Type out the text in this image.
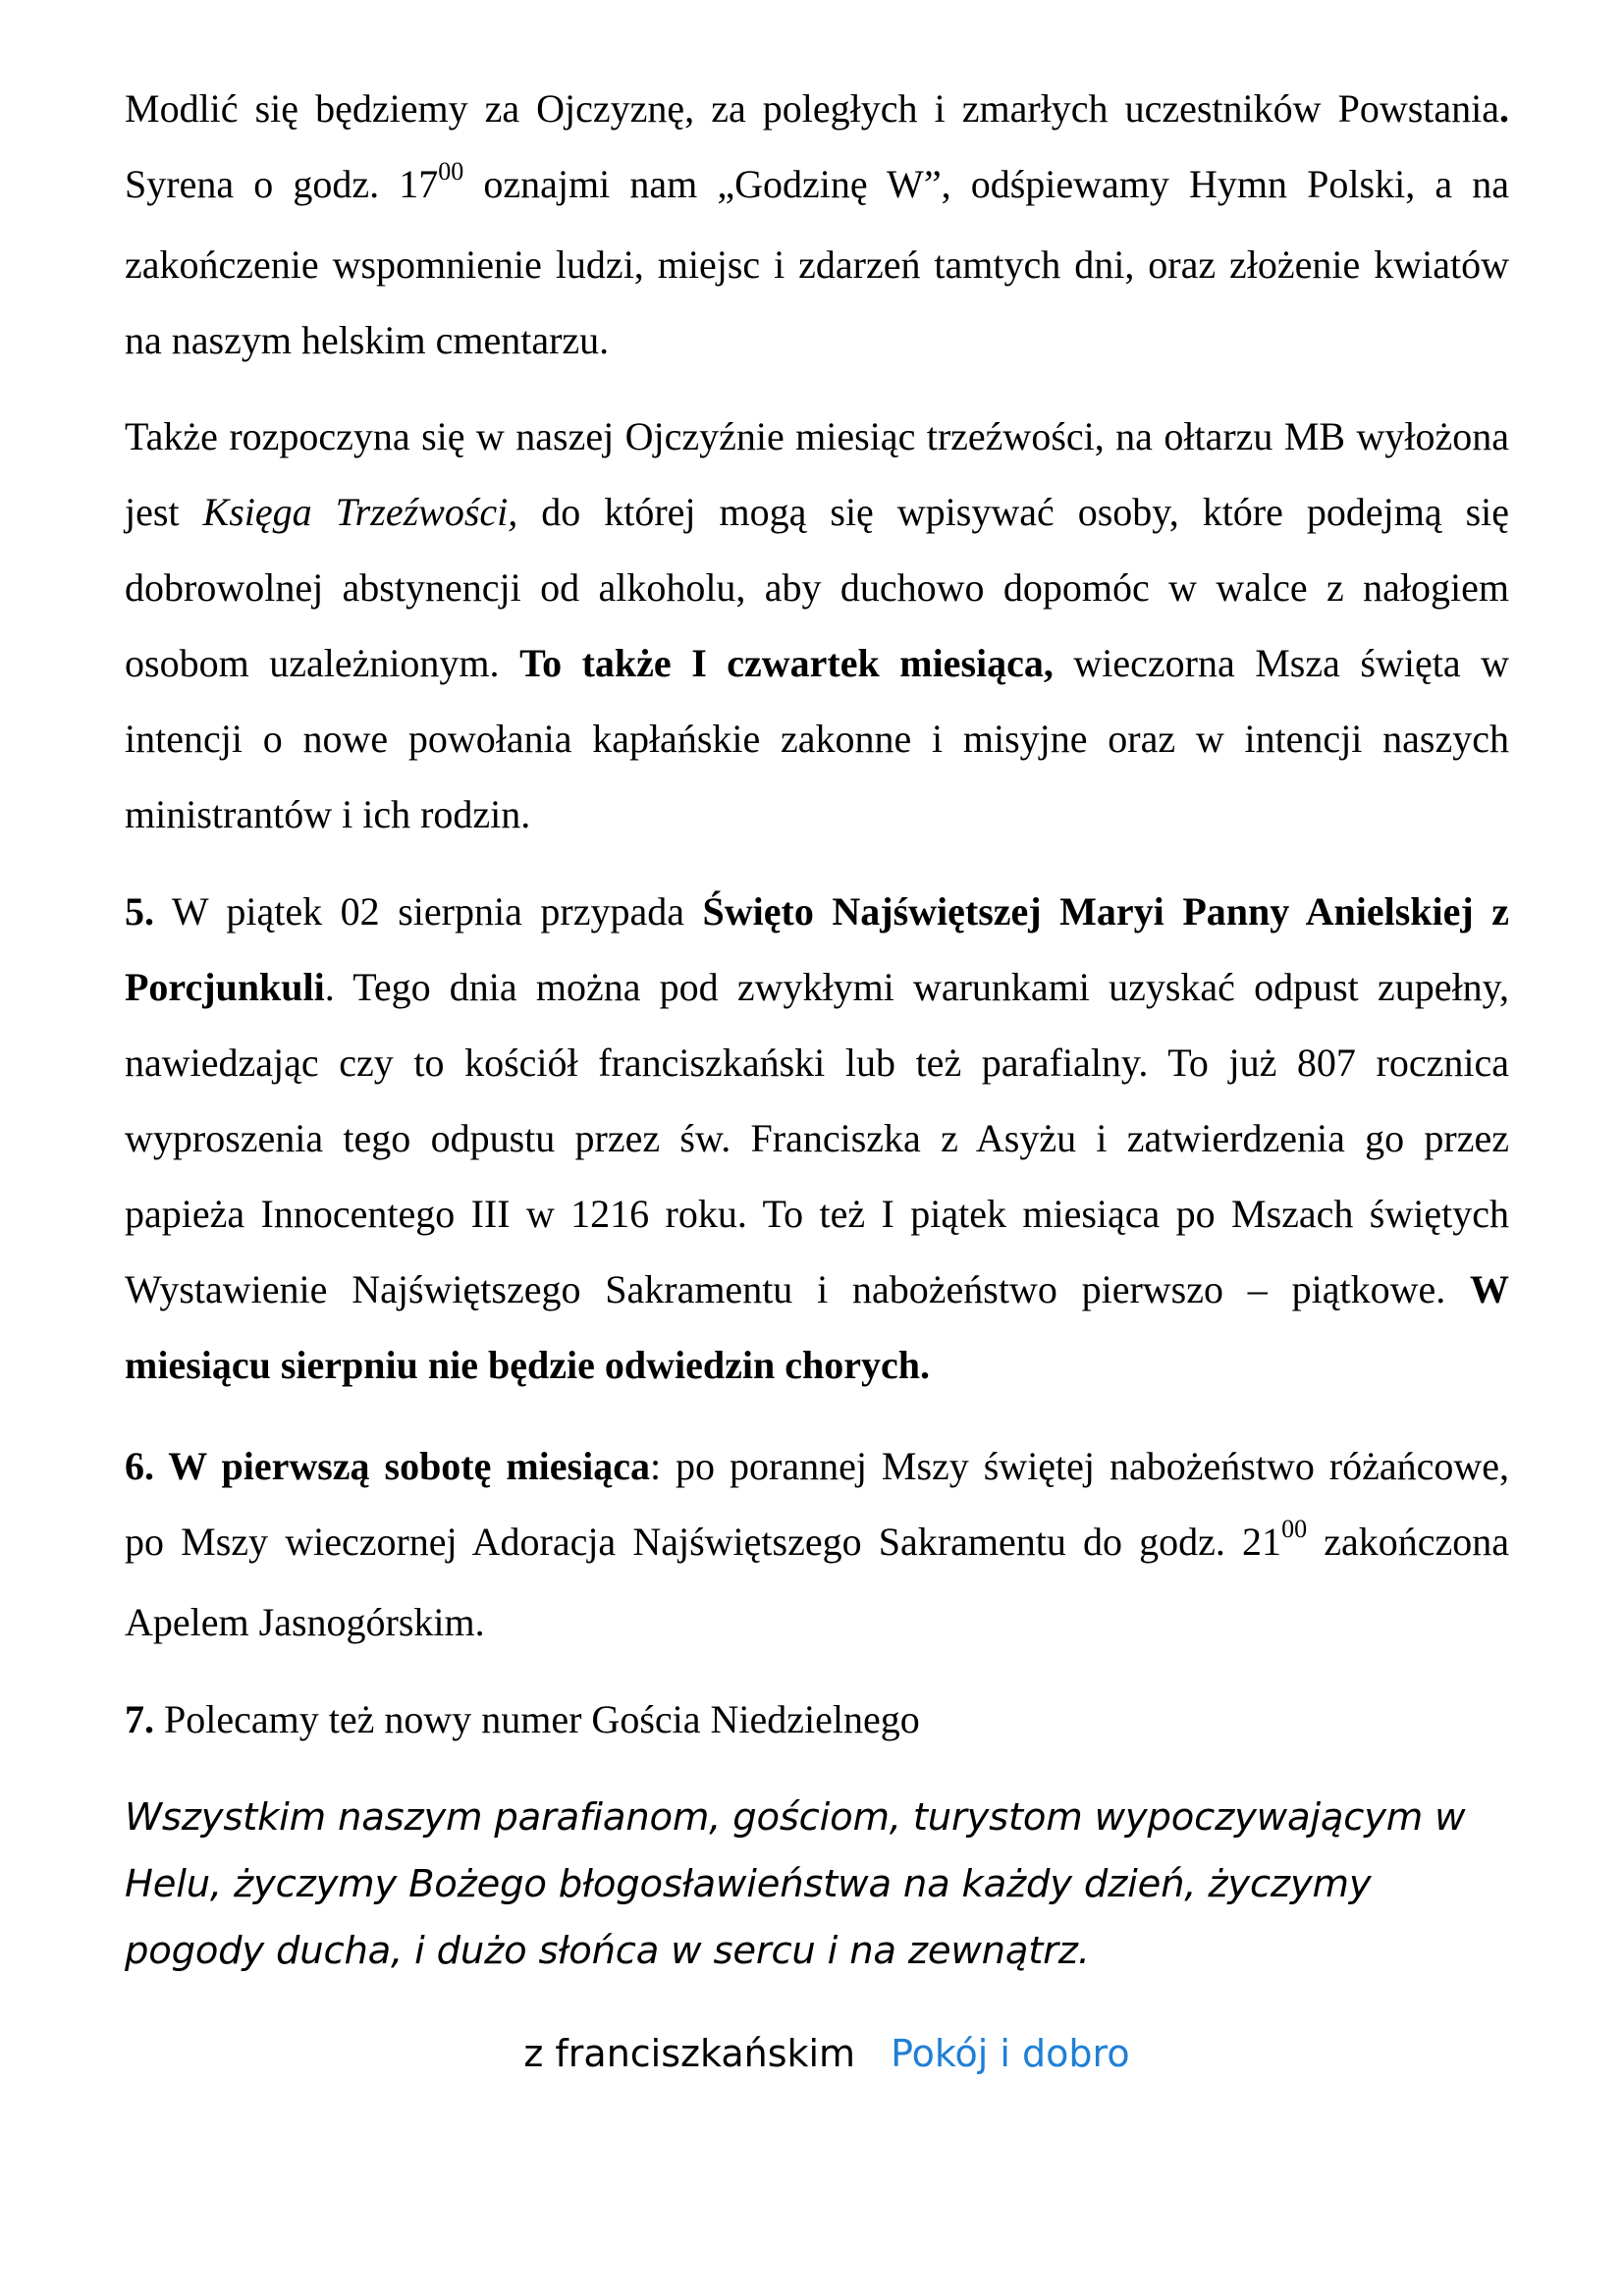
Modlić się będziemy za Ojczyznę, za poległych i zmarłych uczestników Powstania. Syrena o godz. $17^{00}$ oznajmi nam „Godzinę W”, odśpiewamy Hymn Polski, a na zakończenie wspomnienie ludzi, miejsc i zdarzeń tamtych dni, oraz złożenie kwiatów na naszym helskim cmentarzu.

Także rozpoczyna się w naszej Ojczyźnie miesiąc trzeźwości, na ołtarzu MB wyłożona jest Księga Trzeźwości, do której mogą się wpisywać osoby, które podejmą się dobrowolnej abstynencji od alkoholu, aby duchowo dopomóc w walce z nałogiem osobom uzależnionym. To także I czwartek miesiąca, wieczorna Msza święta w intencji o nowe powołania kapłańskie zakonne i misyjne oraz w intencji naszych ministrantów i ich rodzin.

5. W piątek 02 sierpnia przypada Święto Najświętszej Maryi Panny Anielskiej z Porcjunkuli. Tego dnia można pod zwykłymi warunkami uzyskać odpust zupełny, nawiedzając czy to kościół franciszkański lub też parafialny. To już 807 rocznica wyproszenia tego odpustu przez św. Franciszka z Asyżu i zatwierdzenia go przez papieża Innocentego III w 1216 roku. To też I piątek miesiąca po Mszach świętych Wystawienie Najświętszego Sakramentu i nabożeństwo pierwszo – piątkowe. W miesiącu sierpniu nie będzie odwiedzin chorych.

6. W pierwszą sobotę miesiąca: po porannej Mszy świętej nabożeństwo różańcowe, po Mszy wieczornej Adoracja Najświętszego Sakramentu do godz. $21^{00}$ zakończona Apelem Jasnogórskim.

7. Polecamy też nowy numer Gościa Niedzielnego

Wszystkim naszym parafianom, gościom, turystom wypoczywającym w Helu, życzymy Bożego błogosławieństwa na każdy dzień, życzymy pogody ducha, i dużo słońca w sercu i na zewnątrz.

z franciszkańskim Pokój i dobro
